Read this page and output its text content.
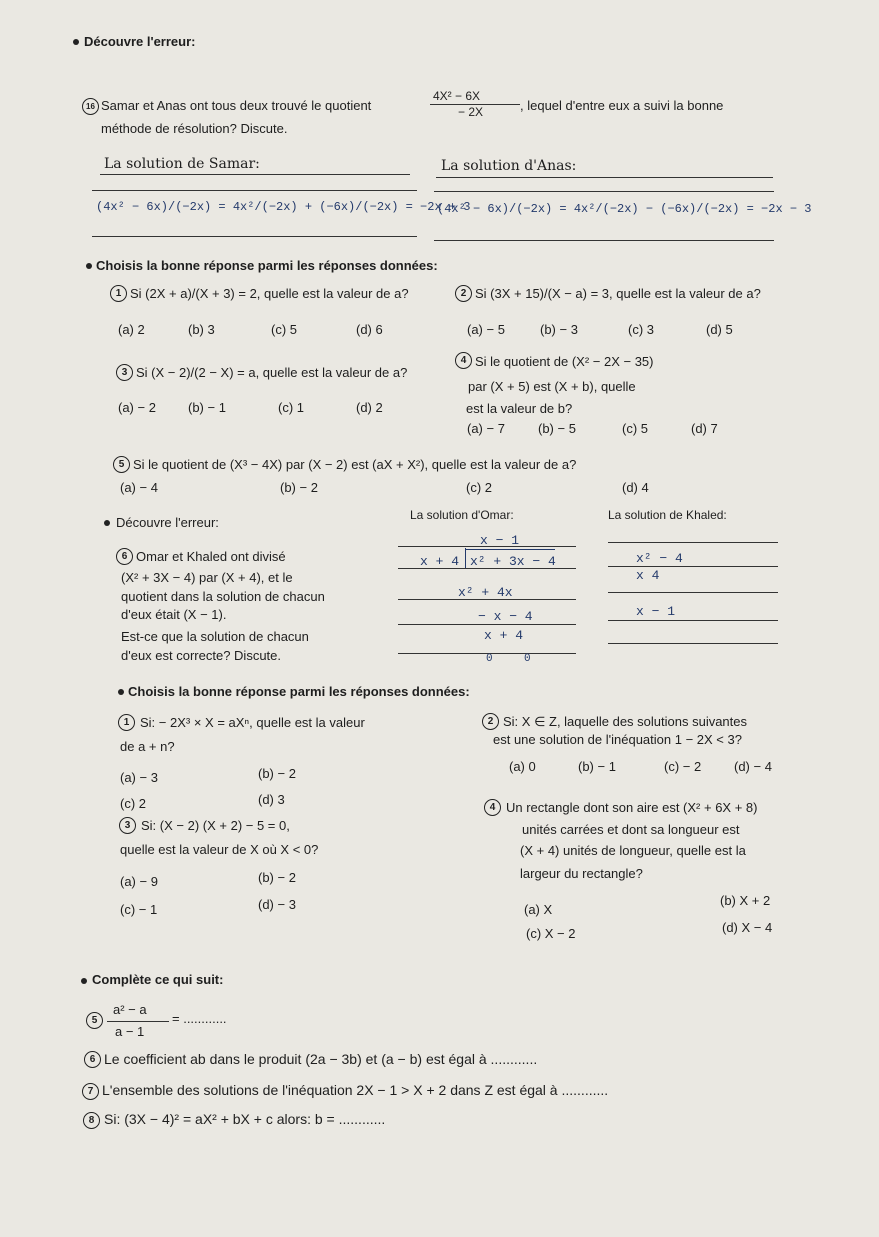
Découvre l'erreur:
16 Samar et Anas ont tous deux trouvé le quotient
4X² − 6X
− 2X	, lequel d'entre eux a suivi la bonne
méthode de résolution? Discute.
La solution de Samar:	La solution d'Anas:
(4x² − 6x)/(−2x) = 4x²/(−2x) + (−6x)/(−2x) = −2x + 3
(4x² − 6x)/(−2x) = 4x²/(−2x) − (−6x)/(−2x) = −2x − 3
Choisis la bonne réponse parmi les réponses données:
1 Si (2X + a)/(X + 3) = 2, quelle est la valeur de a?
(a) 2	(b) 3	(c) 5	(d) 6
2 Si (3X + 15)/(X − a) = 3, quelle est la valeur de a?
(a) − 5	(b) − 3	(c) 3	(d) 5
3 Si (X − 2)/(2 − X) = a, quelle est la valeur de a?
(a) − 2 (b) − 1	(c) 1	(d) 2
4 Si le quotient de (X² − 2X − 35)
par (X + 5) est (X + b), quelle
est la valeur de b?
(a) − 7	(b) − 5	(c) 5	(d) 7
5 Si le quotient de (X³ − 4X) par (X − 2) est (aX + X²), quelle est la valeur de a?
(a) − 4	(b) − 2	(c) 2	(d) 4
Découvre l'erreur:	La solution d'Omar:	La solution de Khaled:
6 Omar et Khaled ont divisé
(X² + 3X − 4) par (X + 4), et le
quotient dans la solution de chacun
d'eux était (X − 1).
Est-ce que la solution de chacun
d'eux est correcte? Discute.
x − 1
x + 4 x² + 3x − 4
x² + 4x
− x − 4
x + 4
0	0
x² − 4
x 4
x − 1
Choisis la bonne réponse parmi les réponses données:
1 Si: − 2X³ × X = aXⁿ, quelle est la valeur
de a + n?
(a) − 3	(b) − 2
(c) 2	(d) 3
2 Si: X ∈ Z, laquelle des solutions suivantes
est une solution de l'inéquation 1 − 2X < 3?
(a) 0	(b) − 1	(c) − 2	(d) − 4
3 Si: (X − 2) (X + 2) − 5 = 0,
quelle est la valeur de X où X < 0?
(a) − 9	(b) − 2
(c) − 1	(d) − 3
4 Un rectangle dont son aire est (X² + 6X + 8)
unités carrées et dont sa longueur est
(X + 4) unités de longueur, quelle est la
largeur du rectangle?
(a) X
(b) X + 2
(c) X − 2	(d) X − 4
Complète ce qui suit:
5
a² − a
a − 1
= ............
6 Le coefficient ab dans le produit (2a − 3b) et (a − b) est égal à ............
7 L'ensemble des solutions de l'inéquation 2X − 1 > X + 2 dans Z est égal à ............
8 Si: (3X − 4)² = aX² + bX + c alors: b = ............
